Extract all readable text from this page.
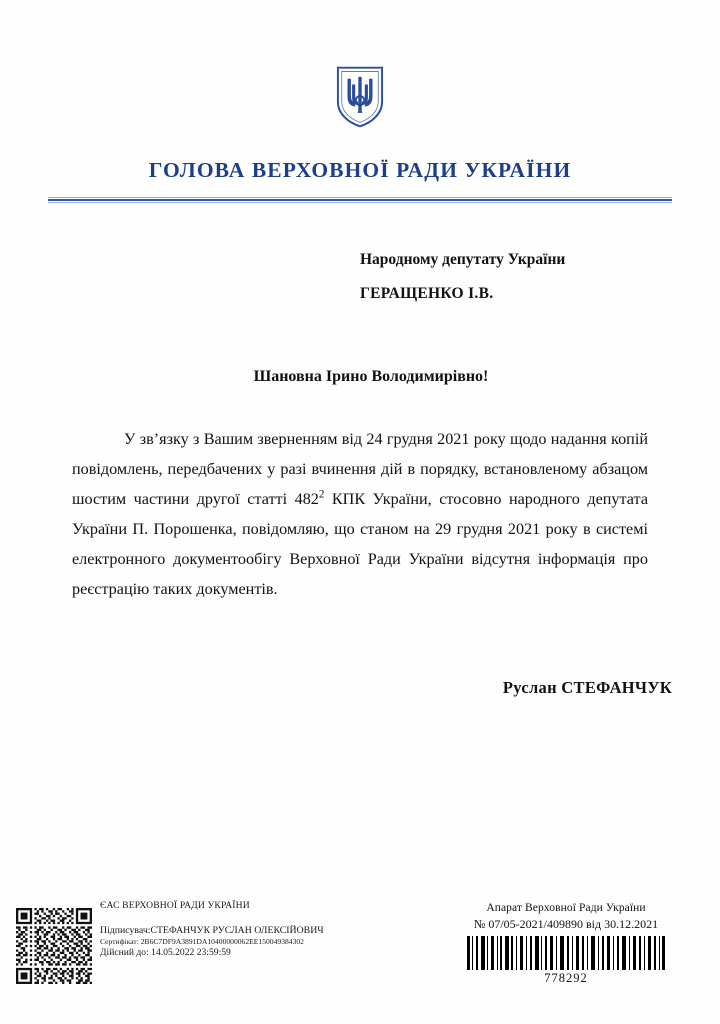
ГОЛОВА ВЕРХОВНОЇ РАДИ УКРАЇНИ
Народному депутату України
ГЕРАЩЕНКО І.В.
Шановна Ірино Володимирівно!
У зв’язку з Вашим зверненням від 24 грудня 2021 року щодо надання копій повідомлень, передбачених у разі вчинення дій в порядку, встановленому абзацом шостим частини другої статті $482^2$ КПК України, стосовно народного депутата України П. Порошенка, повідомляю, що станом на 29 грудня 2021 року в системі електронного документообігу Верховної Ради України відсутня інформація про реєстрацію таких документів.
Руслан СТЕФАНЧУК
ЄАС ВЕРХОВНОЇ РАДИ УКРАЇНИ
Підписувач:СТЕФАНЧУК РУСЛАН ОЛЕКСІЙОВИЧ
Сертифікат: 2B6C7DF9A3891DA10400000062EE150049384302
Дійсний до: 14.05.2022 23:59:59
Апарат Верховної Ради України
№ 07/05-2021/409890 від 30.12.2021
778292
